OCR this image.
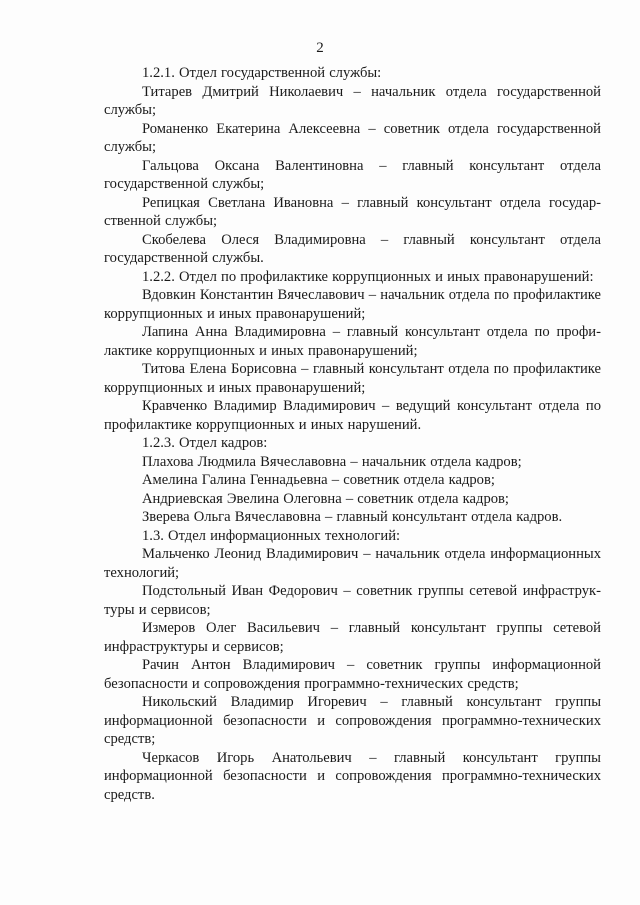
2

1.2.1. Отдел государственной службы:

Титарев Дмитрий Николаевич – начальник отдела государственной службы;

Романенко Екатерина Алексеевна – советник отдела государственной службы;

Гальцова Оксана Валентиновна – главный консультант отдела государственной службы;

Репицкая Светлана Ивановна – главный консультант отдела государственной службы;

Скобелева Олеся Владимировна – главный консультант отдела государственной службы.

1.2.2. Отдел по профилактике коррупционных и иных правонарушений:

Вдовкин Константин Вячеславович – начальник отдела по профилактике коррупционных и иных правонарушений;

Лапина Анна Владимировна – главный консультант отдела по профилактике коррупционных и иных правонарушений;

Титова Елена Борисовна – главный консультант отдела по профилактике коррупционных и иных правонарушений;

Кравченко Владимир Владимирович – ведущий консультант отдела по профилактике коррупционных и иных нарушений.

1.2.3. Отдел кадров:

Плахова Людмила Вячеславовна – начальник отдела кадров;

Амелина Галина Геннадьевна – советник отдела кадров;

Андриевская Эвелина Олеговна – советник отдела кадров;

Зверева Ольга Вячеславовна – главный консультант отдела кадров.

1.3. Отдел информационных технологий:

Мальченко Леонид Владимирович – начальник отдела информационных технологий;

Подстольный Иван Федорович – советник группы сетевой инфраструктуры и сервисов;

Измеров Олег Васильевич – главный консультант группы сетевой инфраструктуры и сервисов;

Рачин Антон Владимирович – советник группы информационной безопасности и сопровождения программно-технических средств;

Никольский Владимир Игоревич – главный консультант группы информационной безопасности и сопровождения программно-технических средств;

Черкасов Игорь Анатольевич – главный консультант группы информационной безопасности и сопровождения программно-технических средств.
